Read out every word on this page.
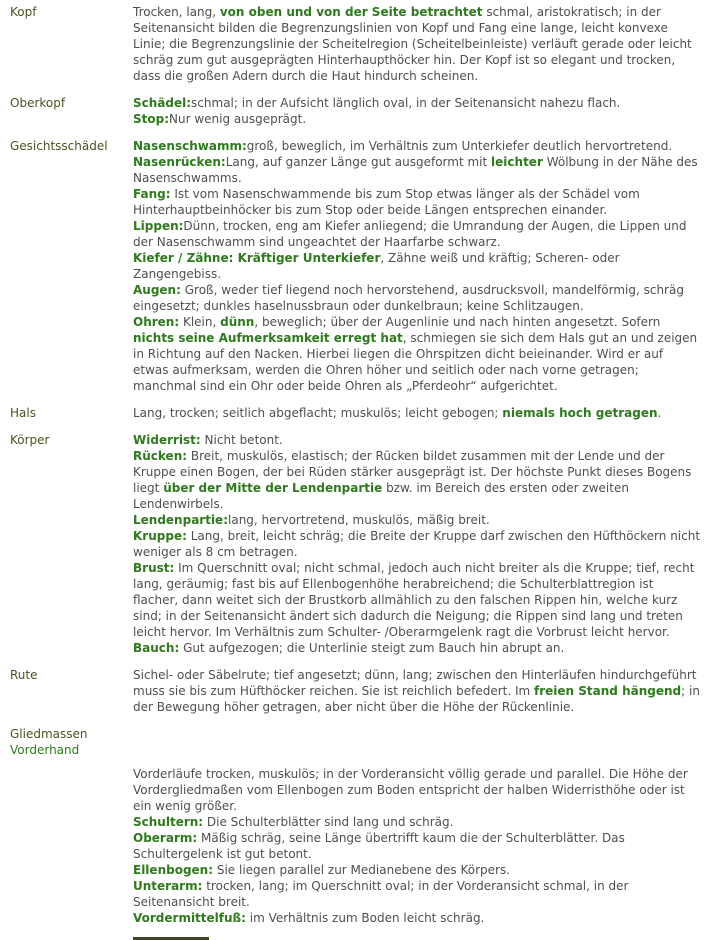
Kopf	Trocken, lang, von oben und von der Seite betrachtet schmal, aristokratisch; in der Seitenansicht bilden die Begrenzungslinien von Kopf und Fang eine lange, leicht konvexe Linie; die Begrenzungslinie der Scheitelregion (Scheitelbeinleiste) verläuft gerade oder leicht schräg zum gut ausgeprägten Hinterhaupthöcker hin. Der Kopf ist so elegant und trocken, dass die großen Adern durch die Haut hindurch scheinen.

Oberkopf	Schädel:schmal; in der Aufsicht länglich oval, in der Seitenansicht nahezu flach.

Stop:Nur wenig ausgeprägt.

Gesichtsschädel	Nasenschwamm:groß, beweglich, im Verhältnis zum Unterkiefer deutlich hervortretend.

Nasenrücken:Lang, auf ganzer Länge gut ausgeformt mit leichter Wölbung in der Nähe des Nasenschwamms.

Fang: Ist vom Nasenschwammende bis zum Stop etwas länger als der Schädel vom Hinterhauptbeinhöcker bis zum Stop oder beide Längen entsprechen einander.

Lippen:Dünn, trocken, eng am Kiefer anliegend; die Umrandung der Augen, die Lippen und der Nasenschwamm sind ungeachtet der Haarfarbe schwarz.

Kiefer / Zähne: Kräftiger Unterkiefer, Zähne weiß und kräftig; Scheren- oder Zangengebiss.

Augen: Groß, weder tief liegend noch hervorstehend, ausdrucksvoll, mandelförmig, schräg eingesetzt; dunkles haselnussbraun oder dunkelbraun; keine Schlitzaugen.

Ohren: Klein, dünn, beweglich; über der Augenlinie und nach hinten angesetzt. Sofern nichts seine Aufmerksamkeit erregt hat, schmiegen sie sich dem Hals gut an und zeigen in Richtung auf den Nacken. Hierbei liegen die Ohrspitzen dicht beieinander. Wird er auf etwas aufmerksam, werden die Ohren höher und seitlich oder nach vorne getragen; manchmal sind ein Ohr oder beide Ohren als „Pferdeohr“ aufgerichtet.

Hals	Lang, trocken; seitlich abgeflacht; muskulös; leicht gebogen; niemals hoch getragen.

Körper	Widerrist: Nicht betont.

Rücken: Breit, muskulös, elastisch; der Rücken bildet zusammen mit der Lende und der Kruppe einen Bogen, der bei Rüden stärker ausgeprägt ist. Der höchste Punkt dieses Bogens liegt über der Mitte der Lendenpartie bzw. im Bereich des ersten oder zweiten Lendenwirbels.

Lendenpartie:lang, hervortretend, muskulös, mäßig breit.

Kruppe: Lang, breit, leicht schräg; die Breite der Kruppe darf zwischen den Hüfthöckern nicht weniger als 8 cm betragen.

Brust: Im Querschnitt oval; nicht schmal, jedoch auch nicht breiter als die Kruppe; tief, recht lang, geräumig; fast bis auf Ellenbogenhöhe herabreichend; die Schulterblattregion ist flacher, dann weitet sich der Brustkorb allmählich zu den falschen Rippen hin, welche kurz sind; in der Seitenansicht ändert sich dadurch die Neigung; die Rippen sind lang und treten leicht hervor. Im Verhältnis zum Schulter- /Oberarmgelenk ragt die Vorbrust leicht hervor.

Bauch: Gut aufgezogen; die Unterlinie steigt zum Bauch hin abrupt an.

Rute	Sichel- oder Säbelrute; tief angesetzt; dünn, lang; zwischen den Hinterläufen hindurchgeführt muss sie bis zum Hüfthöcker reichen. Sie ist reichlich befedert. Im freien Stand hängend; in der Bewegung höher getragen, aber nicht über die Höhe der Rückenlinie.

Gliedmassen
Vorderhand

Vorderläufe trocken, muskulös; in der Vorderansicht völlig gerade und parallel. Die Höhe der Vordergliedmaßen vom Ellenbogen zum Boden entspricht der halben Widerristhöhe oder ist ein wenig größer.

Schultern: Die Schulterblätter sind lang und schräg.

Oberarm: Mäßig schräg, seine Länge übertrifft kaum die der Schulterblätter. Das Schultergelenk ist gut betont.

Ellenbogen: Sie liegen parallel zur Medianebene des Körpers.

Unterarm: trocken, lang; im Querschnitt oval; in der Vorderansicht schmal, in der Seitenansicht breit.

Vordermittelfuß: im Verhältnis zum Boden leicht schräg.
